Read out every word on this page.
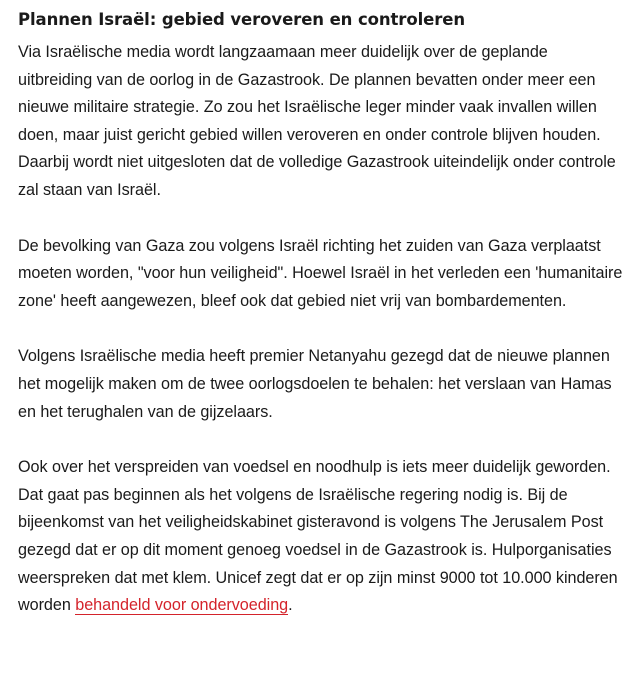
Plannen Israël: gebied veroveren en controleren

Via Israëlische media wordt langzaamaan meer duidelijk over de geplande uitbreiding van de oorlog in de Gazastrook. De plannen bevatten onder meer een nieuwe militaire strategie. Zo zou het Israëlische leger minder vaak invallen willen doen, maar juist gericht gebied willen veroveren en onder controle blijven houden. Daarbij wordt niet uitgesloten dat de volledige Gazastrook uiteindelijk onder controle zal staan van Israël.

De bevolking van Gaza zou volgens Israël richting het zuiden van Gaza verplaatst moeten worden, "voor hun veiligheid". Hoewel Israël in het verleden een 'humanitaire zone' heeft aangewezen, bleef ook dat gebied niet vrij van bombardementen.

Volgens Israëlische media heeft premier Netanyahu gezegd dat de nieuwe plannen het mogelijk maken om de twee oorlogsdoelen te behalen: het verslaan van Hamas en het terughalen van de gijzelaars.

Ook over het verspreiden van voedsel en noodhulp is iets meer duidelijk geworden. Dat gaat pas beginnen als het volgens de Israëlische regering nodig is. Bij de bijeenkomst van het veiligheidskabinet gisteravond is volgens The Jerusalem Post gezegd dat er op dit moment genoeg voedsel in de Gazastrook is. Hulporganisaties weerspreken dat met klem. Unicef zegt dat er op zijn minst 9000 tot 10.000 kinderen worden behandeld voor ondervoeding.
